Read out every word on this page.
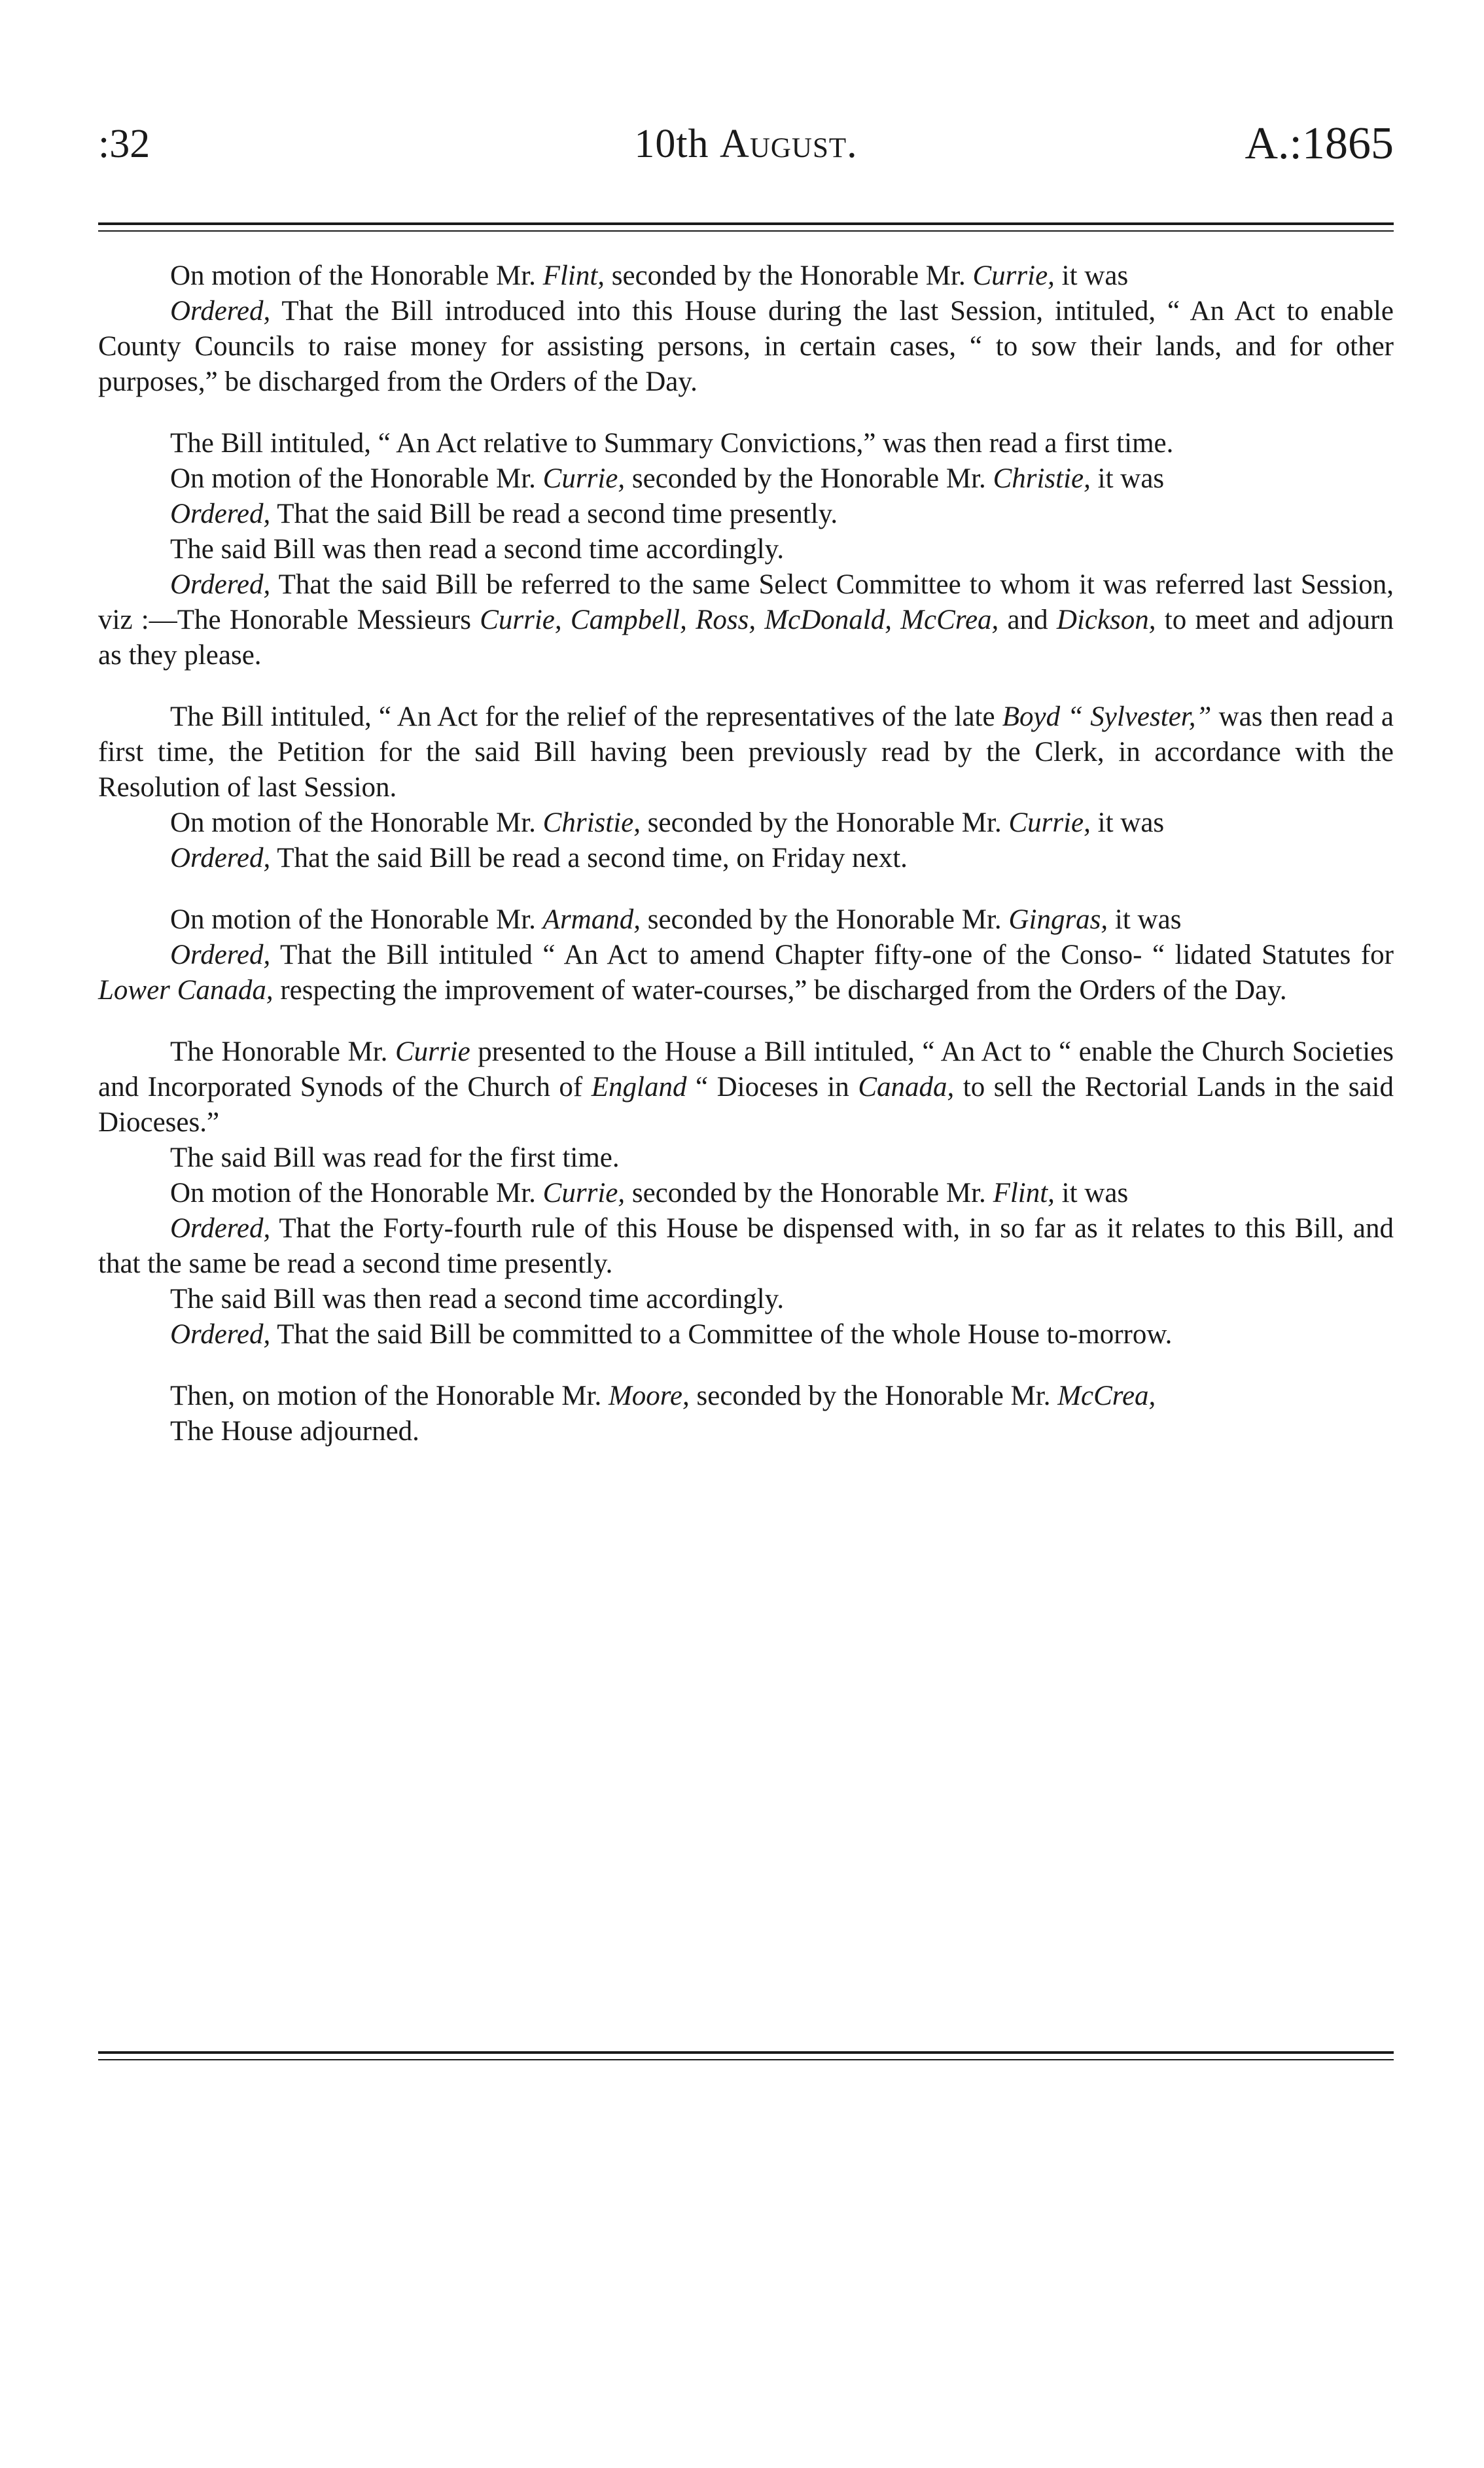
:32	10th August.	A.:1865

On motion of the Honorable Mr. Flint, seconded by the Honorable Mr. Currie, it was

Ordered, That the Bill introduced into this House during the last Session, intituled, “ An Act to enable County Councils to raise money for assisting persons, in certain cases, “ to sow their lands, and for other purposes,” be discharged from the Orders of the Day.

The Bill intituled, “ An Act relative to Summary Convictions,” was then read a first time.

On motion of the Honorable Mr. Currie, seconded by the Honorable Mr. Christie, it was

Ordered, That the said Bill be read a second time presently.

The said Bill was then read a second time accordingly.

Ordered, That the said Bill be referred to the same Select Committee to whom it was referred last Session, viz :—The Honorable Messieurs Currie, Campbell, Ross, McDonald, McCrea, and Dickson, to meet and adjourn as they please.

The Bill intituled, “ An Act for the relief of the representatives of the late Boyd “ Sylvester,” was then read a first time, the Petition for the said Bill having been previously read by the Clerk, in accordance with the Resolution of last Session.

On motion of the Honorable Mr. Christie, seconded by the Honorable Mr. Currie, it was

Ordered, That the said Bill be read a second time, on Friday next.

On motion of the Honorable Mr. Armand, seconded by the Honorable Mr. Gingras, it was

Ordered, That the Bill intituled “ An Act to amend Chapter fifty-one of the Conso- “ lidated Statutes for Lower Canada, respecting the improvement of water-courses,” be discharged from the Orders of the Day.

The Honorable Mr. Currie presented to the House a Bill intituled, “ An Act to “ enable the Church Societies and Incorporated Synods of the Church of England “ Dioceses in Canada, to sell the Rectorial Lands in the said Dioceses.”

The said Bill was read for the first time.

On motion of the Honorable Mr. Currie, seconded by the Honorable Mr. Flint, it was

Ordered, That the Forty-fourth rule of this House be dispensed with, in so far as it relates to this Bill, and that the same be read a second time presently.

The said Bill was then read a second time accordingly.

Ordered, That the said Bill be committed to a Committee of the whole House to-morrow.

Then, on motion of the Honorable Mr. Moore, seconded by the Honorable Mr. McCrea,

The House adjourned.
